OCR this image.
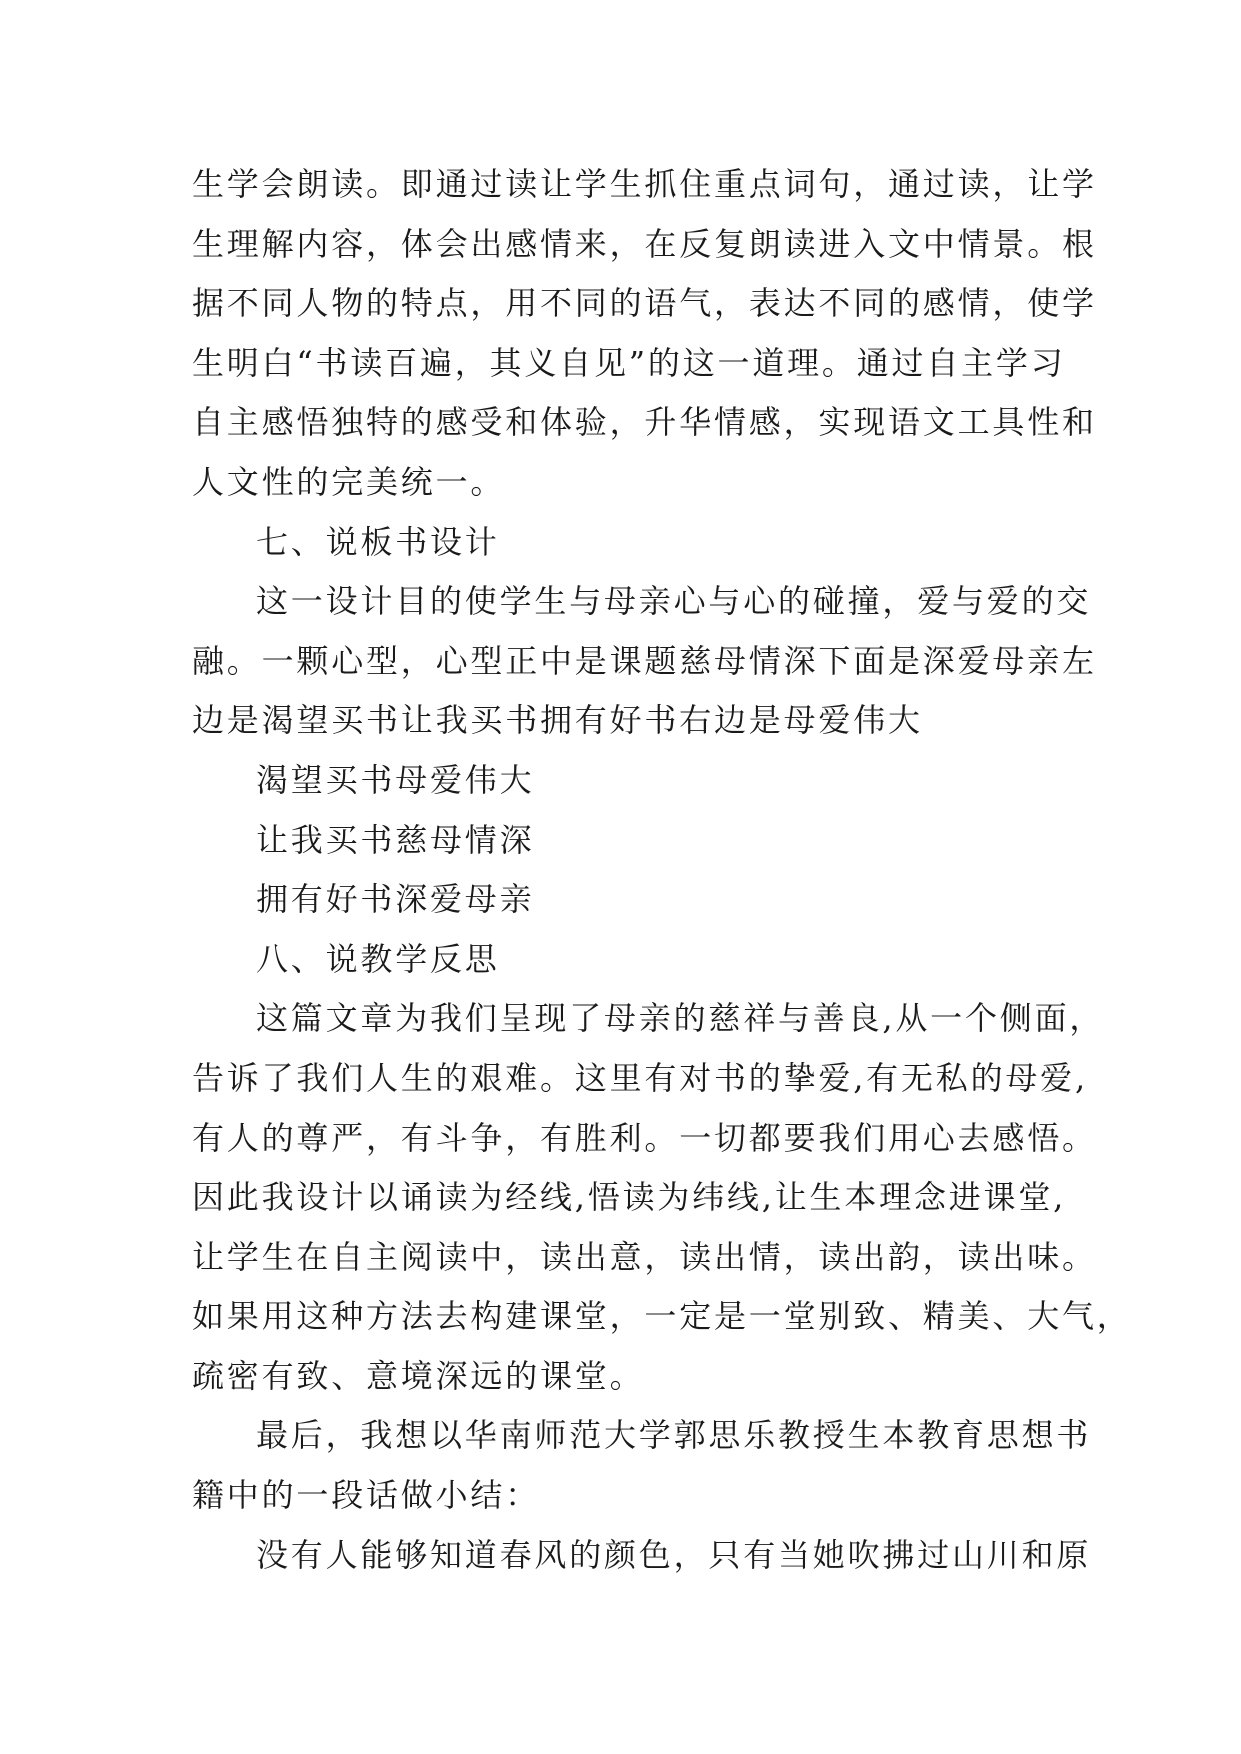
生学会朗读。即通过读让学生抓住重点词句，通过读，让学
生理解内容，体会出感情来，在反复朗读进入文中情景。根
据不同人物的特点，用不同的语气，表达不同的感情，使学
生明白“书读百遍，其义自见”的这一道理。通过自主学习
自主感悟独特的感受和体验，升华情感，实现语文工具性和
人文性的完美统一。
七、说板书设计
这一设计目的使学生与母亲心与心的碰撞，爱与爱的交
融。一颗心型，心型正中是课题慈母情深下面是深爱母亲左
边是渴望买书让我买书拥有好书右边是母爱伟大
渴望买书母爱伟大
让我买书慈母情深
拥有好书深爱母亲
八、说教学反思
这篇文章为我们呈现了母亲的慈祥与善良,从一个侧面，
告诉了我们人生的艰难。这里有对书的挚爱,有无私的母爱,
有人的尊严，有斗争，有胜利。一切都要我们用心去感悟。
因此我设计以诵读为经线,悟读为纬线,让生本理念进课堂,
让学生在自主阅读中，读出意，读出情，读出韵，读出味。
如果用这种方法去构建课堂，一定是一堂别致、精美、大气，
疏密有致、意境深远的课堂。
最后，我想以华南师范大学郭思乐教授生本教育思想书
籍中的一段话做小结：
没有人能够知道春风的颜色，只有当她吹拂过山川和原
